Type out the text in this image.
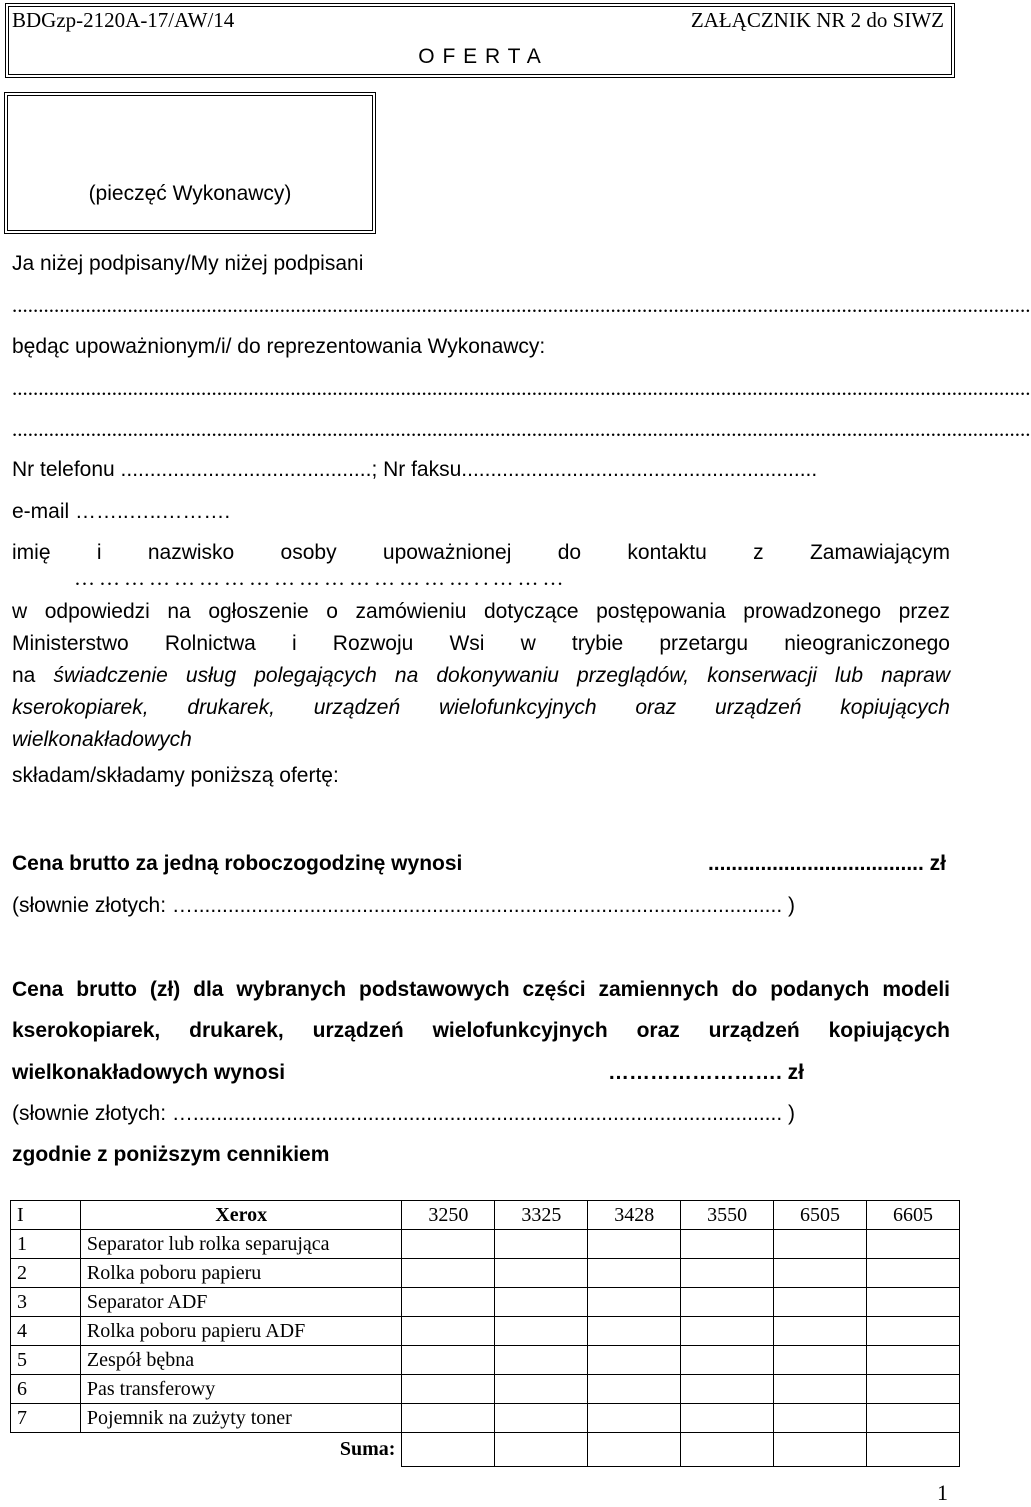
BDGzp-2120A-17/AW/14	ZAŁĄCZNIK NR 2 do SIWZ
O F E R T A
(pieczęć Wykonawcy)
Ja niżej podpisany/My niżej podpisani
..................................................................................................................................................................................................
będąc upoważnionym/i/ do reprezentowania Wykonawcy:
..................................................................................................................................................................................................
..................................................................................................................................................................................................
Nr telefonu ...........................................; Nr faksu.............................................................
e-mail ……..…..……….
imię i nazwisko osoby upoważnionej do kontaktu z Zamawiającym
…………………………………………..………
w odpowiedzi na ogłoszenie o zamówieniu dotyczące postępowania prowadzonego przez
Ministerstwo Rolnictwa i Rozwoju Wsi w trybie przetargu nieograniczonego
na świadczenie usług polegających na dokonywaniu przeglądów, konserwacji lub napraw
kserokopiarek, drukarek, urządzeń wielofunkcyjnych oraz urządzeń kopiujących
wielkonakładowych
składam/składamy poniższą ofertę:
Cena brutto za jedną roboczogodzinę wynosi	..................................... zł
(słownie złotych: …..................................................................................................... )
Cena brutto (zł) dla wybranych podstawowych części zamiennych do podanych modeli
kserokopiarek, drukarek, urządzeń wielofunkcyjnych oraz urządzeń kopiujących
wielkonakładowych wynosi	……………………. zł
(słownie złotych: …..................................................................................................... )
zgodnie z poniższym cennikiem
I	Xerox	3250	3325	3428	3550	6505	6605
1	Separator lub rolka separująca						
2	Rolka poboru papieru						
3	Separator ADF						
4	Rolka poboru papieru ADF						
5	Zespół bębna						
6	Pas transferowy						
7	Pojemnik na zużyty toner						
	Suma:						
1
